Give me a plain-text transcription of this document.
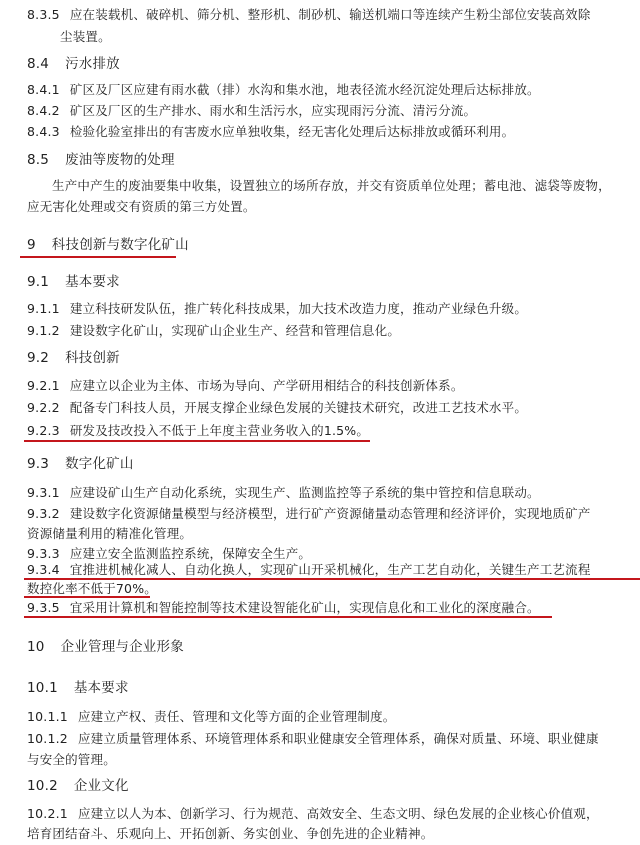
8.3.5 应在装载机、破碎机、筛分机、整形机、制砂机、输送机端口等连续产生粉尘部位安装高效除
尘装置。
8.4 污水排放
8.4.1 矿区及厂区应建有雨水截（排）水沟和集水池，地表径流水经沉淀处理后达标排放。
8.4.2 矿区及厂区的生产排水、雨水和生活污水，应实现雨污分流、清污分流。
8.4.3 检验化验室排出的有害废水应单独收集，经无害化处理后达标排放或循环利用。
8.5 废油等废物的处理
生产中产生的废油要集中收集，设置独立的场所存放，并交有资质单位处理；蓄电池、滤袋等废物，
应无害化处理或交有资质的第三方处置。
9 科技创新与数字化矿山
9.1 基本要求
9.1.1 建立科技研发队伍，推广转化科技成果，加大技术改造力度，推动产业绿色升级。
9.1.2 建设数字化矿山，实现矿山企业生产、经营和管理信息化。
9.2 科技创新
9.2.1 应建立以企业为主体、市场为导向、产学研用相结合的科技创新体系。
9.2.2 配备专门科技人员，开展支撑企业绿色发展的关键技术研究，改进工艺技术水平。
9.2.3 研发及技改投入不低于上年度主营业务收入的1.5%。
9.3 数字化矿山
9.3.1 应建设矿山生产自动化系统，实现生产、监测监控等子系统的集中管控和信息联动。
9.3.2 建设数字化资源储量模型与经济模型，进行矿产资源储量动态管理和经济评价，实现地质矿产
资源储量利用的精准化管理。
9.3.3 应建立安全监测监控系统，保障安全生产。
9.3.4 宜推进机械化减人、自动化换人，实现矿山开采机械化，生产工艺自动化，关键生产工艺流程
数控化率不低于70%。
9.3.5 宜采用计算机和智能控制等技术建设智能化矿山，实现信息化和工业化的深度融合。
10 企业管理与企业形象
10.1 基本要求
10.1.1 应建立产权、责任、管理和文化等方面的企业管理制度。
10.1.2 应建立质量管理体系、环境管理体系和职业健康安全管理体系，确保对质量、环境、职业健康
与安全的管理。
10.2 企业文化
10.2.1 应建立以人为本、创新学习、行为规范、高效安全、生态文明、绿色发展的企业核心价值观，
培育团结奋斗、乐观向上、开拓创新、务实创业、争创先进的企业精神。
